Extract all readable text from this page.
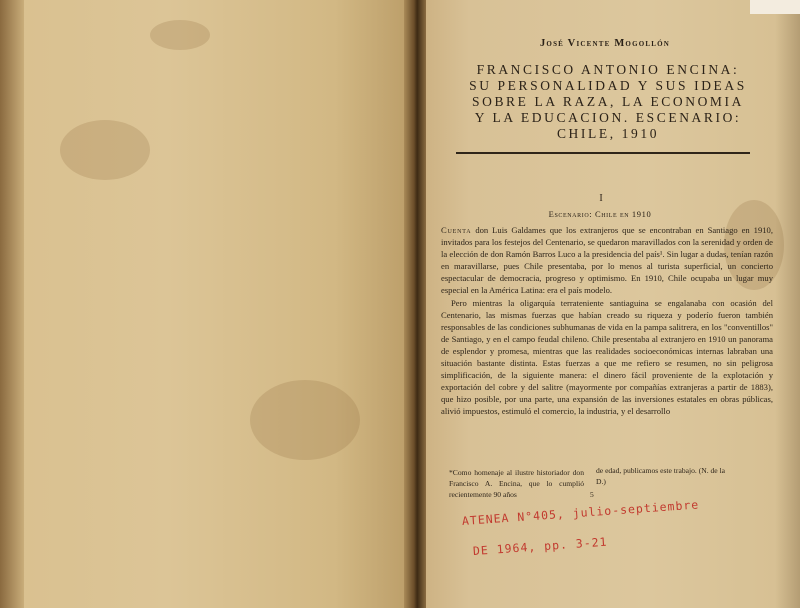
José Vicente Mogollón
FRANCISCO ANTONIO ENCINA:
SU PERSONALIDAD Y SUS IDEAS
SOBRE LA RAZA, LA ECONOMIA
Y LA EDUCACION. ESCENARIO:
CHILE, 1910
I
Escenario: Chile en 1910

Cuenta don Luis Galdames que los extranjeros que se encontraban en Santiago en 1910, invitados para los festejos del Centenario, se quedaron maravillados con la serenidad y orden de la elección de don Ramón Barros Luco a la presidencia del país¹. Sin lugar a dudas, tenían razón en maravillarse, pues Chile presentaba, por lo menos al turista superficial, un concierto espectacular de democracia, progreso y optimismo. En 1910, Chile ocupaba un lugar muy especial en la América Latina: era el país modelo.

Pero mientras la oligarquía terrateniente santiaguina se engalanaba con ocasión del Centenario, las mismas fuerzas que habían creado su riqueza y poderío fueron también responsables de las condiciones subhumanas de vida en la pampa salitrera, en los "conventillos" de Santiago, y en el campo feudal chileno. Chile presentaba al extranjero en 1910 un panorama de esplendor y promesa, mientras que las realidades socioeconómicas internas labraban una situación bastante distinta. Estas fuerzas a que me refiero se resumen, no sin peligrosa simplificación, de la siguiente manera: el dinero fácil proveniente de la explotación y exportación del cobre y del salitre (mayormente por compañías extranjeras a partir de 1883), que hizo posible, por una parte, una expansión de las inversiones estatales en obras públicas, alivió impuestos, estimuló el comercio, la industria, y el desarrollo

*Como homenaje al ilustre historiador don Francisco A. Encina, que lo cumplió recientemente 90 años
de edad, publicamos este trabajo. (N. de la D.)
5
ATENEA N°405, julio-septiembre
DE 1964, pp. 3-21
